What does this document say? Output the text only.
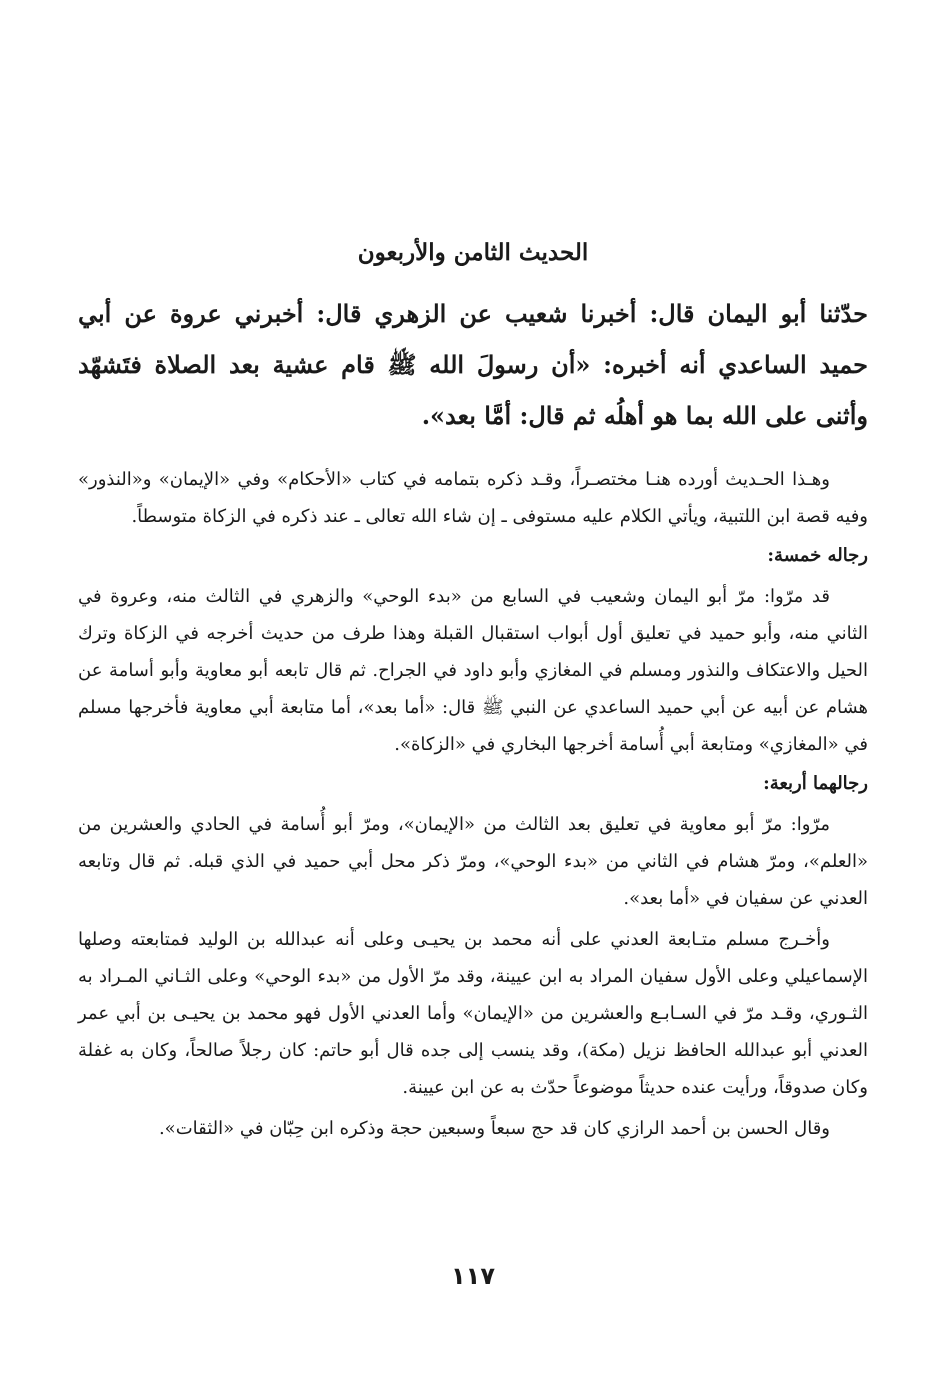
الحديث الثامن والأربعون

حدّثنا أبو اليمان قال: أخبرنا شعيب عن الزهري قال: أخبرني عروة عن أبي حميد الساعدي أنه أخبره: «أن رسولَ الله ﷺ قام عشية بعد الصلاة فتَشهّد وأثنى على الله بما هو أهلُه ثم قال: أمَّا بعد».

وهـذا الحـديث أورده هنـا مختصـراً، وقـد ذكره بتمامه في كتاب «الأحكام» وفي «الإيمان» و«النذور» وفيه قصة ابن اللتبية، ويأتي الكلام عليه مستوفى ـ إن شاء الله تعالى ـ عند ذكره في الزكاة متوسطاً.

رجاله خمسة:

قد مرّوا: مرّ أبو اليمان وشعيب في السابع من «بدء الوحي» والزهري في الثالث منه، وعروة في الثاني منه، وأبو حميد في تعليق أول أبواب استقبال القبلة وهذا طرف من حديث أخرجه في الزكاة وترك الحيل والاعتكاف والنذور ومسلم في المغازي وأبو داود في الجراح. ثم قال تابعه أبو معاوية وأبو أسامة عن هشام عن أبيه عن أبي حميد الساعدي عن النبي ﷺ قال: «أما بعد»، أما متابعة أبي معاوية فأخرجها مسلم في «المغازي» ومتابعة أبي أُسامة أخرجها البخاري في «الزكاة».

رجالهما أربعة:

مرّوا: مرّ أبو معاوية في تعليق بعد الثالث من «الإيمان»، ومرّ أبو أُسامة في الحادي والعشرين من «العلم»، ومرّ هشام في الثاني من «بدء الوحي»، ومرّ ذكر محل أبي حميد في الذي قبله. ثم قال وتابعه العدني عن سفيان في «أما بعد».

وأخـرج مسلم متـابعة العدني على أنه محمد بن يحيـى وعلى أنه عبدالله بن الوليد فمتابعته وصلها الإسماعيلي وعلى الأول سفيان المراد به ابن عيينة، وقد مرّ الأول من «بدء الوحي» وعلى الثـاني المـراد به الثـوري، وقـد مرّ في السـابـع والعشرين من «الإيمان» وأما العدني الأول فهو محمد بن يحيـى بن أبي عمر العدني أبو عبدالله الحافظ نزيل (مكة)، وقد ينسب إلى جده قال أبو حاتم: كان رجلاً صالحاً، وكان به غفلة وكان صدوقاً، ورأيت عنده حديثاً موضوعاً حدّث به عن ابن عيينة.

وقال الحسن بن أحمد الرازي كان قد حج سبعاً وسبعين حجة وذكره ابن حِبّان في «الثقات».

١١٧
